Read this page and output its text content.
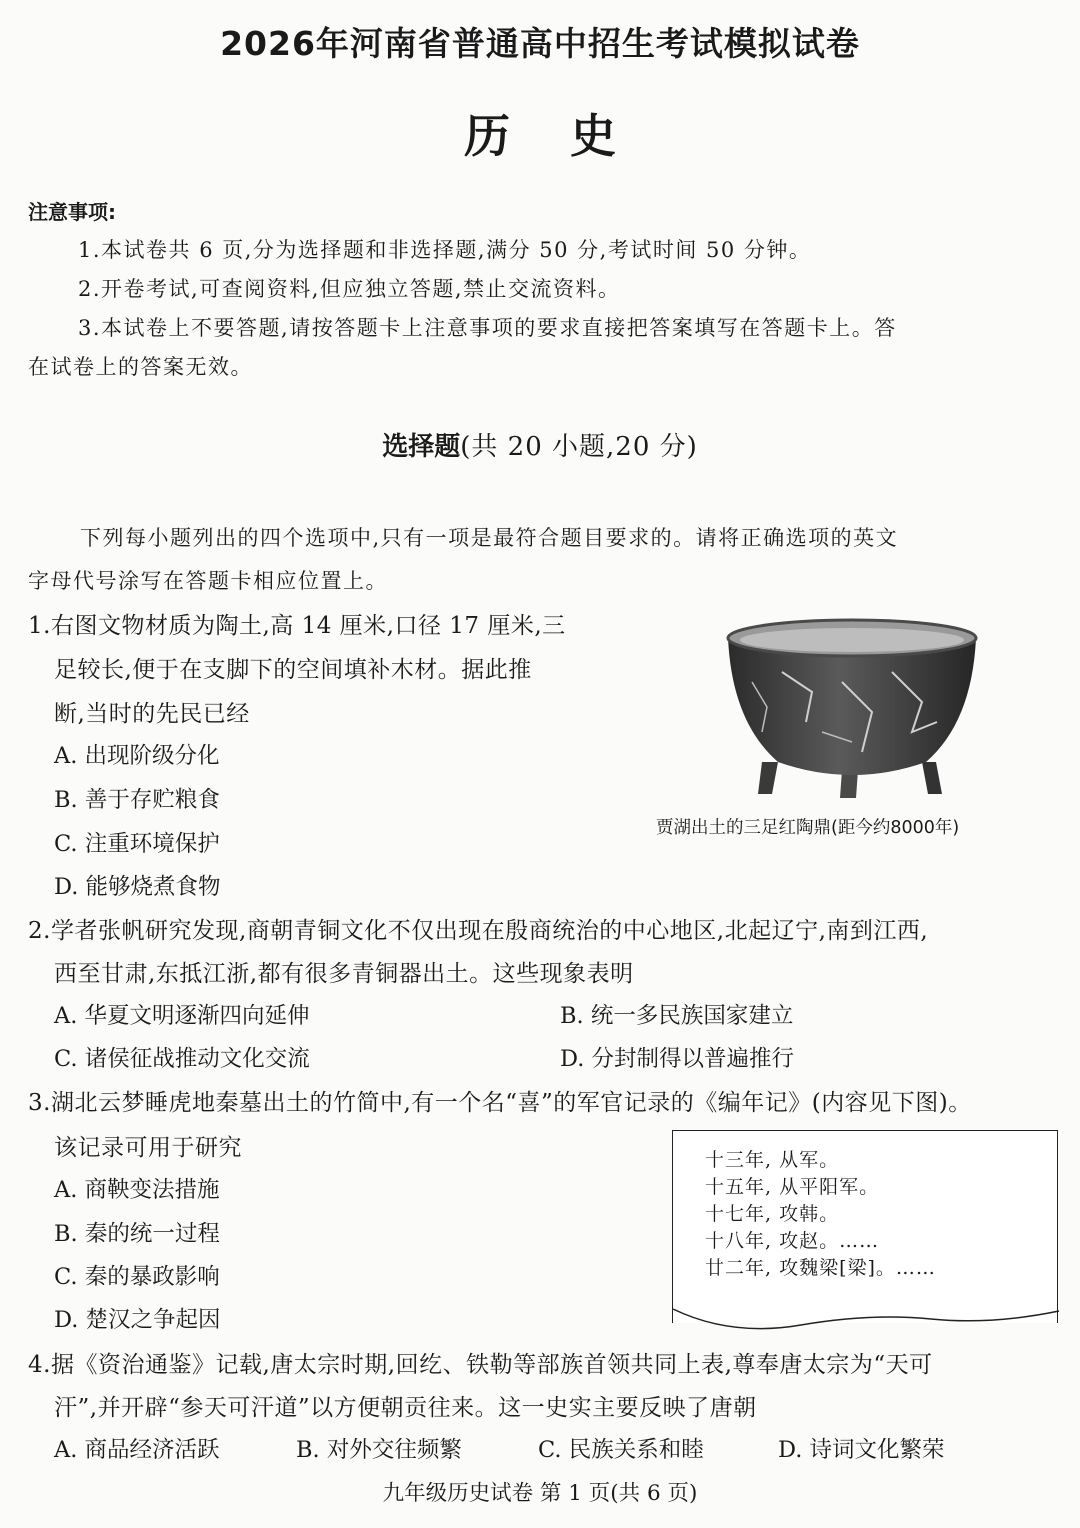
2026年河南省普通高中招生考试模拟试卷
历史
注意事项:
1.本试卷共 6 页,分为选择题和非选择题,满分 50 分,考试时间 50 分钟。
2.开卷考试,可查阅资料,但应独立答题,禁止交流资料。
3.本试卷上不要答题,请按答题卡上注意事项的要求直接把答案填写在答题卡上。答
在试卷上的答案无效。
选择题(共 20 小题,20 分)
下列每小题列出的四个选项中,只有一项是最符合题目要求的。请将正确选项的英文
字母代号涂写在答题卡相应位置上。
1.右图文物材质为陶土,高 14 厘米,口径 17 厘米,三
足较长,便于在支脚下的空间填补木材。据此推
断,当时的先民已经
A. 出现阶级分化
B. 善于存贮粮食
C. 注重环境保护
D. 能够烧煮食物
贾湖出土的三足红陶鼎(距今约8000年)
2.学者张帆研究发现,商朝青铜文化不仅出现在殷商统治的中心地区,北起辽宁,南到江西,
西至甘肃,东抵江浙,都有很多青铜器出土。这些现象表明
A. 华夏文明逐渐四向延伸	B. 统一多民族国家建立
C. 诸侯征战推动文化交流	D. 分封制得以普遍推行
3.湖北云梦睡虎地秦墓出土的竹简中,有一个名“喜”的军官记录的《编年记》(内容见下图)。
该记录可用于研究
A. 商鞅变法措施
B. 秦的统一过程
C. 秦的暴政影响
D. 楚汉之争起因
十三年, 从军。
十五年, 从平阳军。
十七年, 攻韩。
十八年, 攻赵。……
廿二年, 攻魏梁[梁]。……
4.据《资治通鉴》记载,唐太宗时期,回纥、铁勒等部族首领共同上表,尊奉唐太宗为“天可
汗”,并开辟“参天可汗道”以方便朝贡往来。这一史实主要反映了唐朝
A. 商品经济活跃	B. 对外交往频繁	C. 民族关系和睦	D. 诗词文化繁荣
九年级历史试卷 第 1 页(共 6 页)
